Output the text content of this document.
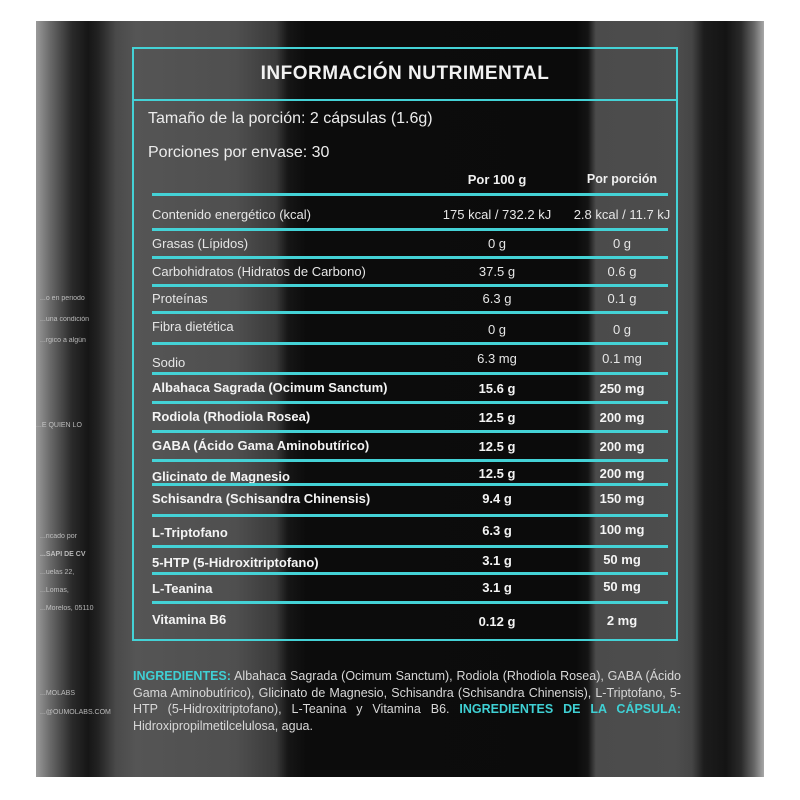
...o en periodo
...una condición
...rgico a algún
...E QUIEN LO
...ricado por
...SAPI DE CV
...uelas 22,
...Lomas,
...Morelos, 05110
...MOLABS
...@OUMOLABS.COM
INFORMACIÓN NUTRIMENTAL
Tamaño de la porción: 2 cápsulas (1.6g)
Porciones por envase: 30
Por 100 g	Por porción
Contenido energético (kcal)	175 kcal / 732.2 kJ	2.8 kcal / 11.7 kJ
Grasas (Lípidos)	0 g	0 g
Carbohidratos (Hidratos de Carbono)	37.5 g	0.6 g
Proteínas	6.3 g	0.1 g
Fibra dietética	0 g	0 g
Sodio	6.3 mg	0.1 mg
Albahaca Sagrada (Ocimum Sanctum)	15.6 g	250 mg
Rodiola (Rhodiola Rosea)	12.5 g	200 mg
GABA (Ácido Gama Aminobutírico)	12.5 g	200 mg
Glicinato de Magnesio	12.5 g	200 mg
Schisandra (Schisandra Chinensis)	9.4 g	150 mg
L-Triptofano	6.3 g	100 mg
5-HTP (5-Hidroxitriptofano)	3.1 g	50 mg
L-Teanina	3.1 g	50 mg
Vitamina B6	0.12 g	2 mg
INGREDIENTES: Albahaca Sagrada (Ocimum Sanctum), Rodiola (Rhodiola Rosea), GABA (Ácido Gama Aminobutírico), Glicinato de Magnesio, Schisandra (Schisandra Chinensis), L-Triptofano, 5-HTP (5-Hidroxitriptofano), L-Teanina y Vitamina B6. INGREDIENTES DE LA CÁPSULA: Hidroxipropilmetilcelulosa, agua.
